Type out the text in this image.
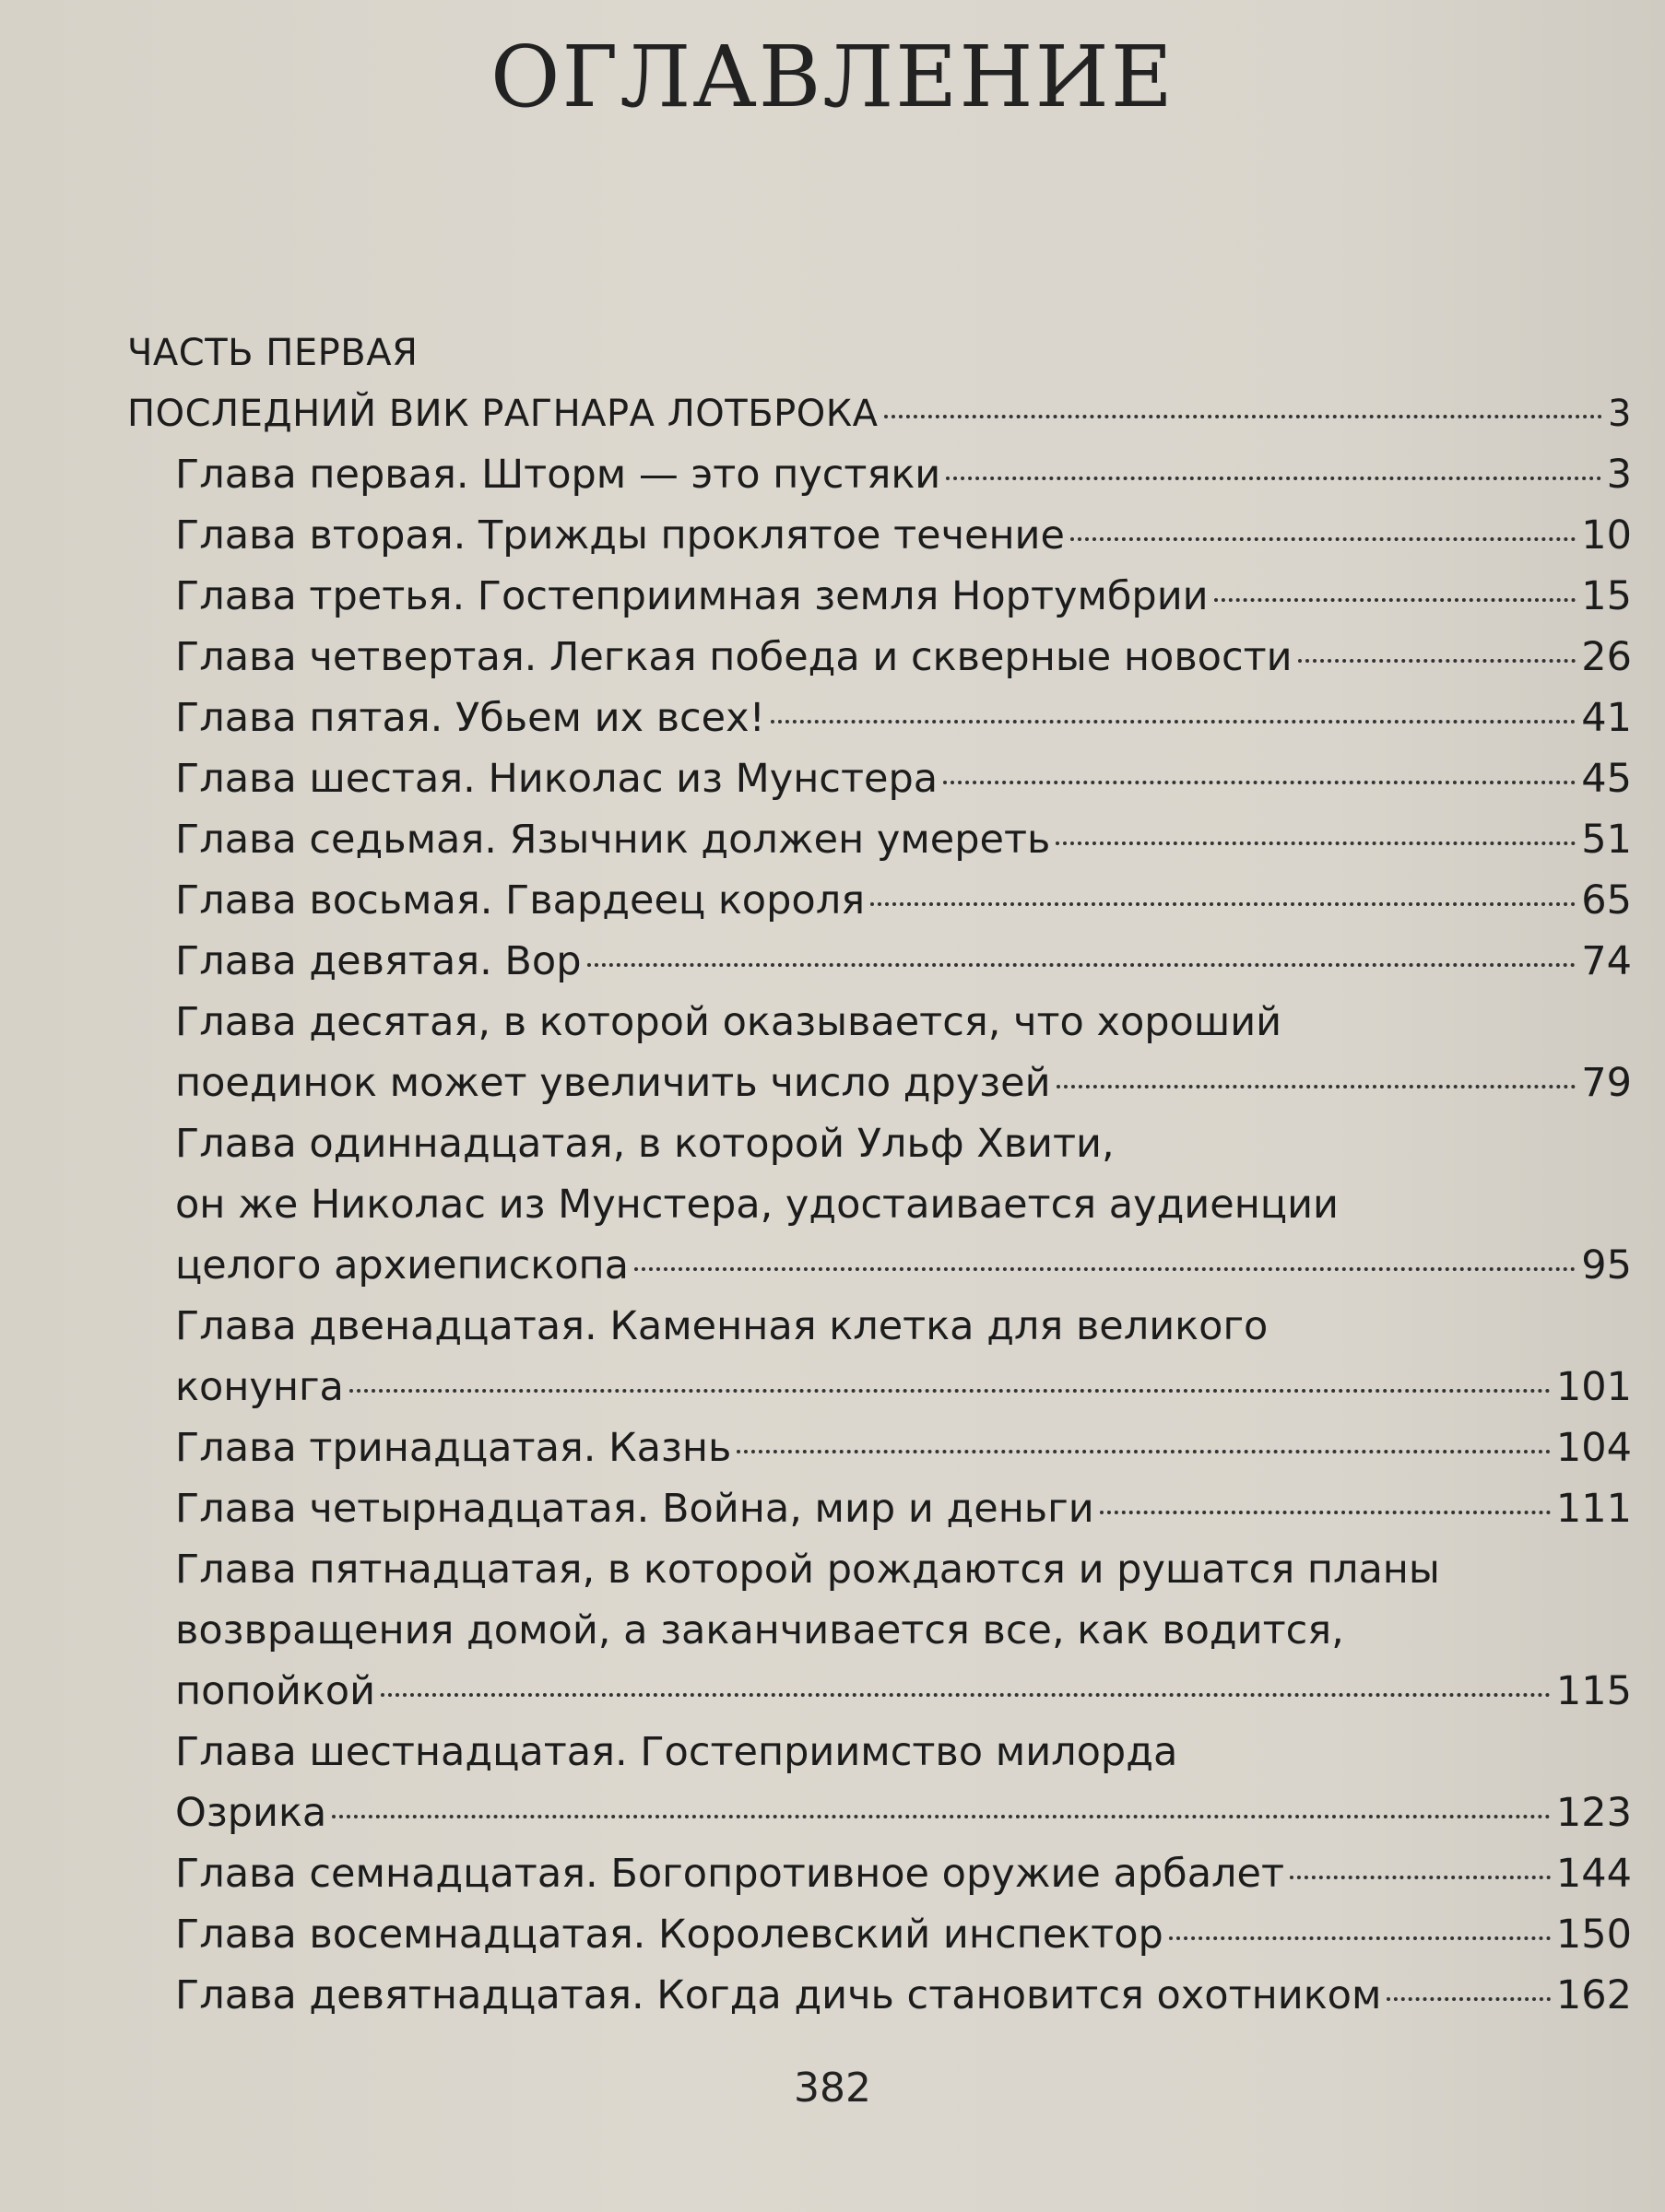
ОГЛАВЛЕНИЕ
ЧАСТЬ ПЕРВАЯ
ПОСЛЕДНИЙ ВИК РАГНАРА ЛОТБРОКА	3
Глава первая. Шторм — это пустяки	3
Глава вторая. Трижды проклятое течение	10
Глава третья. Гостеприимная земля Нортумбрии	15
Глава четвертая. Легкая победа и скверные новости	26
Глава пятая. Убьем их всех!	41
Глава шестая. Николас из Мунстера	45
Глава седьмая. Язычник должен умереть	51
Глава восьмая. Гвардеец короля	65
Глава девятая. Вор	74
Глава десятая, в которой оказывается, что хороший
поединок может увеличить число друзей	79
Глава одиннадцатая, в которой Ульф Хвити,
он же Николас из Мунстера, удостаивается аудиенции
целого архиепископа	95
Глава двенадцатая. Каменная клетка для великого
конунга	101
Глава тринадцатая. Казнь	104
Глава четырнадцатая. Война, мир и деньги	111
Глава пятнадцатая, в которой рождаются и рушатся планы
возвращения домой, а заканчивается все, как водится,
попойкой	115
Глава шестнадцатая. Гостеприимство милорда
Озрика	123
Глава семнадцатая. Богопротивное оружие арбалет	144
Глава восемнадцатая. Королевский инспектор	150
Глава девятнадцатая. Когда дичь становится охотником	162
382
